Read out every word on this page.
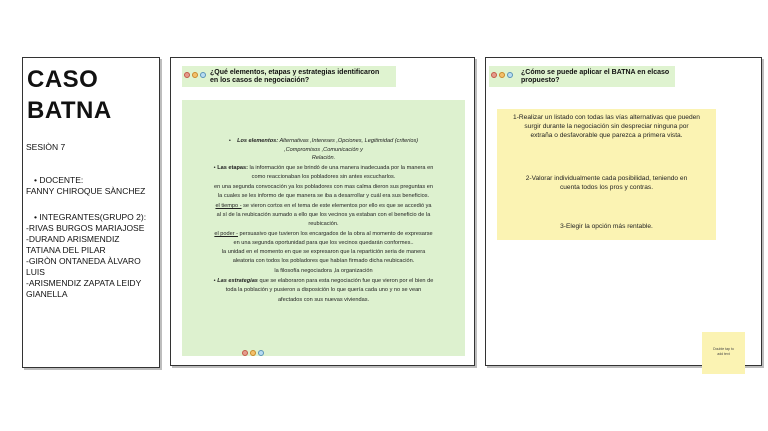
CASO
BATNA
SESIÒN 7
• DOCENTE:
FANNY CHIROQUE SÀNCHEZ
• INTEGRANTES(GRUPO 2):
-RIVAS BURGOS MARIAJOSE
-DURAND ARISMENDIZ
TATIANA DEL PILAR
-GIRÒN ONTANEDA ÀLVARO
LUIS
-ARISMENDIZ ZAPATA LEIDY
GIANELLA
¿Qué elementos, etapas y estrategias identificaron
en los casos de negociación?
•    Los elementos: Alternativas ,Intereses ,Opciones, Legitimidad (criterios)
,Compromisos ,Comunicación y
Relación.
• Las etapas: la información que se brindó de una manera inadecuada por la manera en
como reaccionaban los pobladores sin antes escucharlos.
en una segunda convocación ya los pobladores con mas calma dieron sus preguntas en
la cuales se les informo de que manera se iba a desarrollar y cuál era sus beneficios.
el tiempo - se vieron cortos en el tema de este elementos por ello es que se accedió ya
al sí de la reubicación sumado a ello que los vecinos ya estaban con el beneficio de la
reubicación.
el poder - persuasivo que tuvieron los encargados de la obra al momento de expresarse
en una segunda oportunidad para que los vecinos quedarán conformes..
la unidad en el momento en que se expresaron que la repartición seria de manera
aleatoria con todos los pobladores que habían firmado dicha reubicación.
la filosofía negociadora ,la organización
• Las estrategias que se elaboraron para esta negociación fue que vieron por el bien de
toda la población y pusieron a disposición lo que quería cada uno y no se vean
afectados con sus nuevas viviendas.
¿Cómo se puede aplicar el BATNA en elcaso
propuesto?
1-Realizar un listado con todas las vías alternativas que pueden
surgir durante la negociación sin despreciar ninguna por
extraña o desfavorable que parezca a primera vista.
2-Valorar individualmente cada posibilidad, teniendo en
cuenta todos los pros y contras.
3-Elegir la opción más rentable.
Double tap to
add text
